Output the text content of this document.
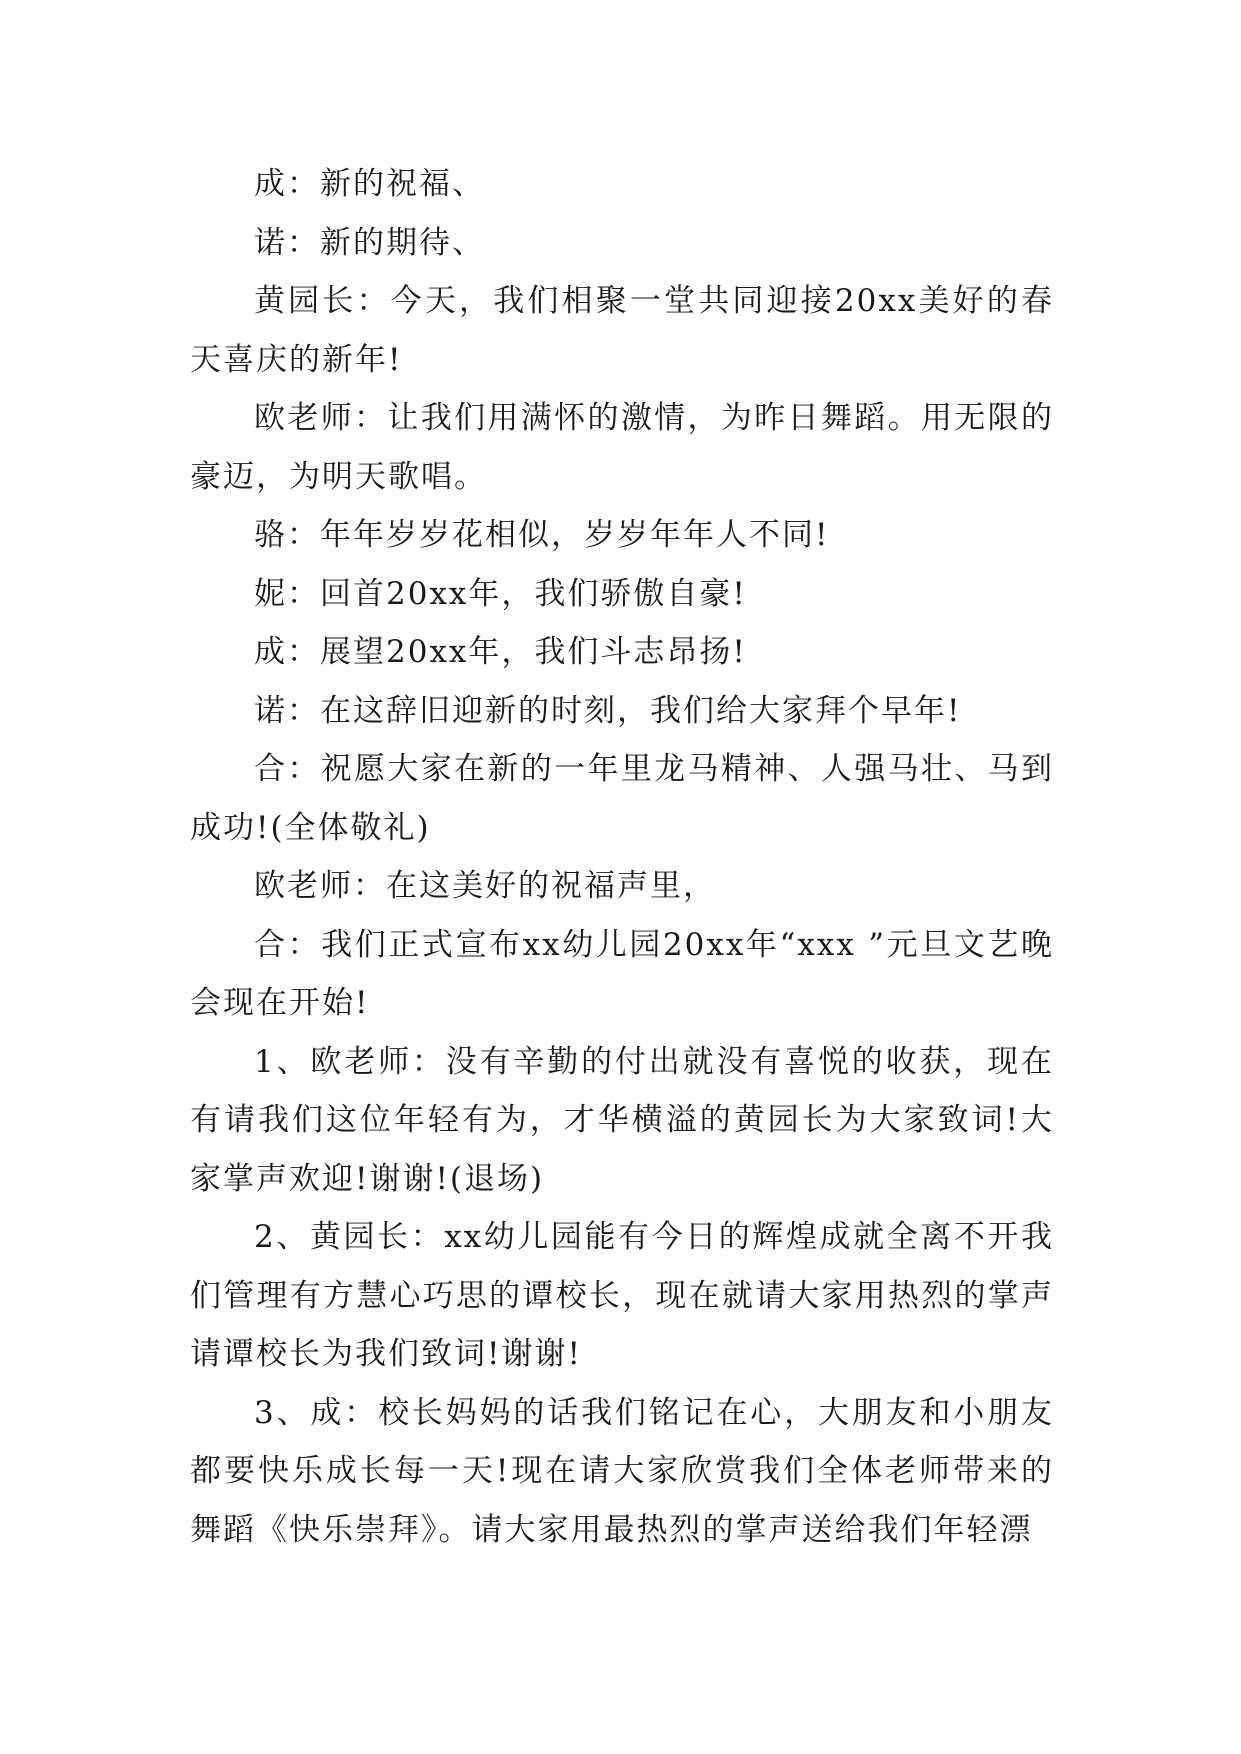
成：新的祝福、

诺：新的期待、

黄园长：今天，我们相聚一堂共同迎接20xx美好的春天喜庆的新年!

欧老师：让我们用满怀的激情，为昨日舞蹈。用无限的豪迈，为明天歌唱。

骆：年年岁岁花相似，岁岁年年人不同!

妮：回首20xx年，我们骄傲自豪!

成：展望20xx年，我们斗志昂扬!

诺：在这辞旧迎新的时刻，我们给大家拜个早年!

合：祝愿大家在新的一年里龙马精神、人强马壮、马到成功!(全体敬礼)

欧老师：在这美好的祝福声里，

合：我们正式宣布xx幼儿园20xx年“xxx ”元旦文艺晚会现在开始!

1、欧老师：没有辛勤的付出就没有喜悦的收获，现在有请我们这位年轻有为，才华横溢的黄园长为大家致词!大家掌声欢迎!谢谢!(退场)

2、黄园长：xx幼儿园能有今日的辉煌成就全离不开我们管理有方慧心巧思的谭校长，现在就请大家用热烈的掌声请谭校长为我们致词!谢谢!

3、成：校长妈妈的话我们铭记在心，大朋友和小朋友都要快乐成长每一天!现在请大家欣赏我们全体老师带来的舞蹈《快乐崇拜》。请大家用最热烈的掌声送给我们年轻漂
